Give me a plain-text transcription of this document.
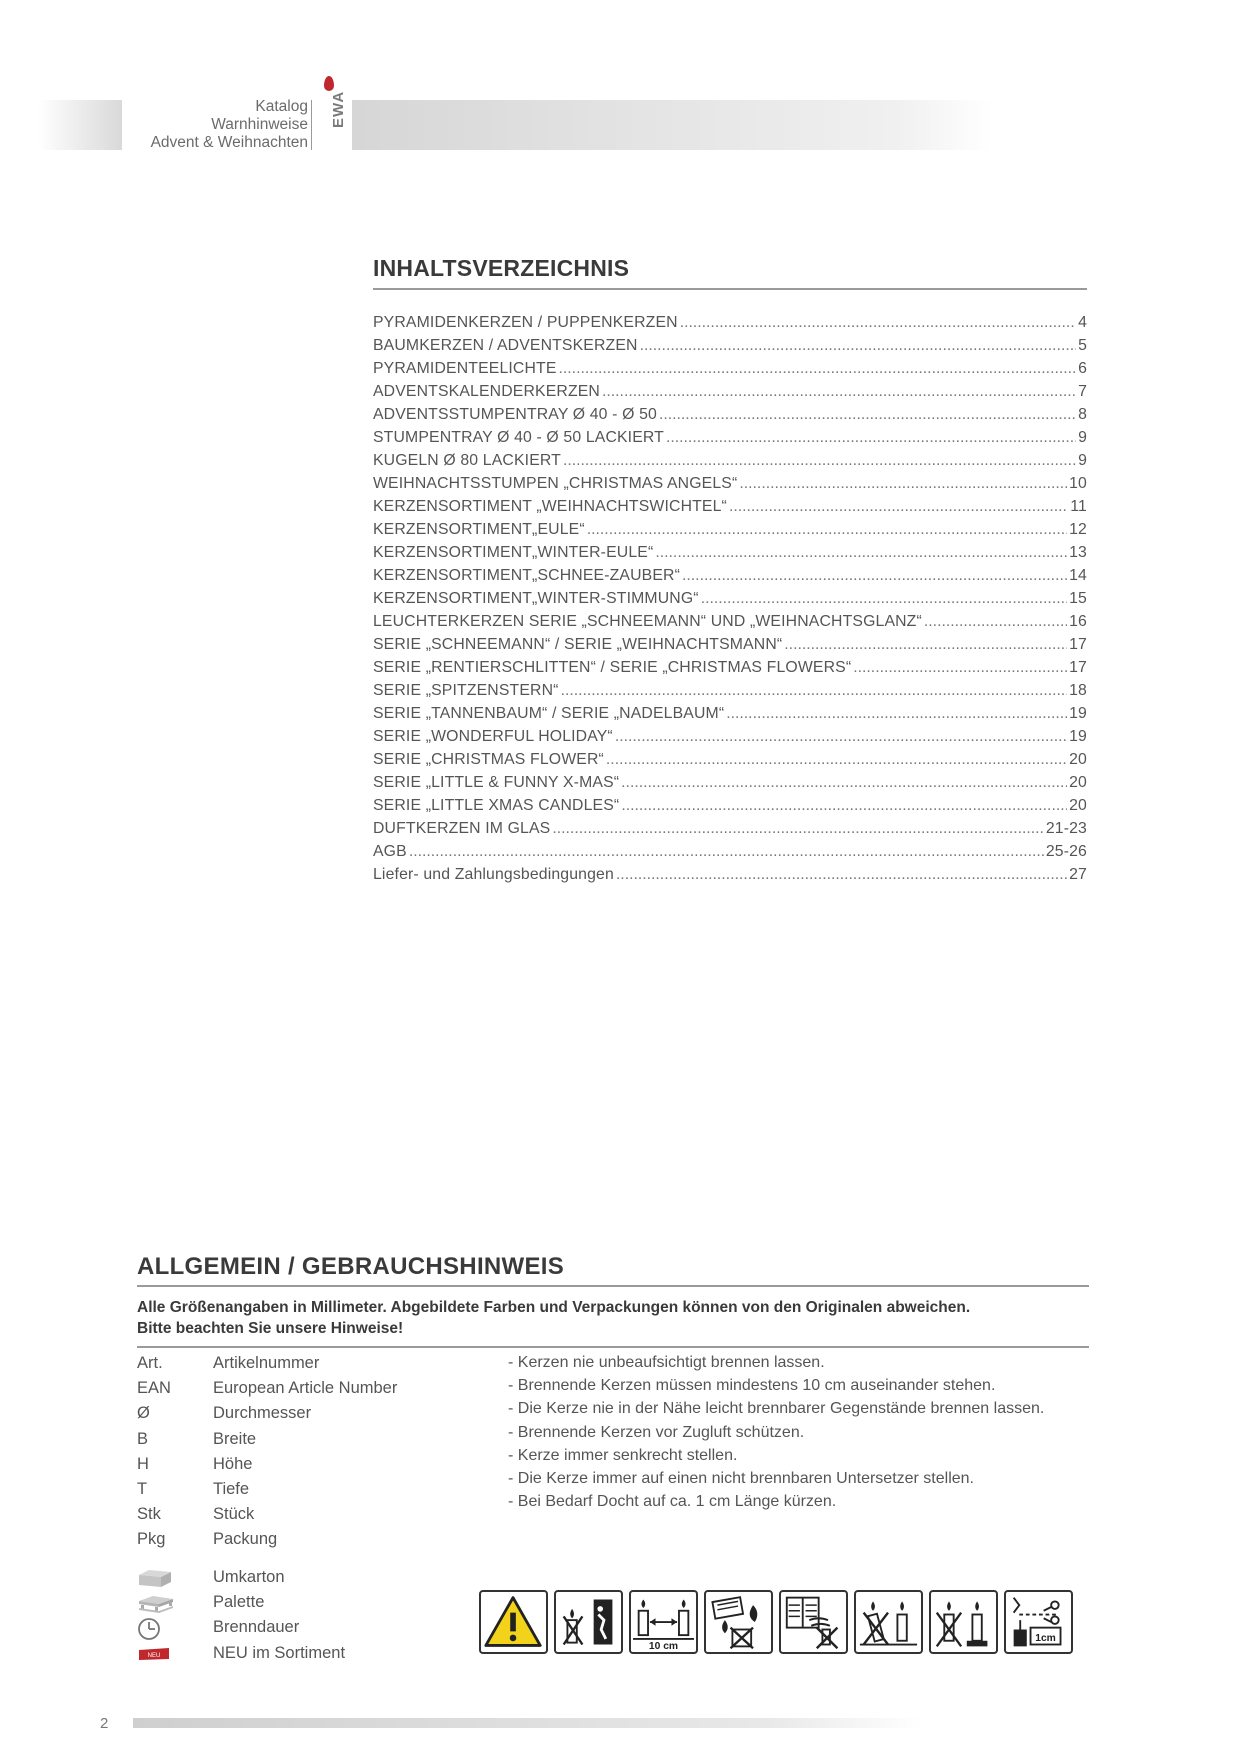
Katalog
Warnhinweise
Advent & Weihnachten
EWA
INHALTSVERZEICHNIS
PYRAMIDENKERZEN / PUPPENKERZEN .....	4
BAUMKERZEN / ADVENTSKERZEN .....	5
PYRAMIDENTEELICHTE .....	6
ADVENTSKALENDERKERZEN .....	7
ADVENTSSTUMPENTRAY Ø 40 - Ø 50 .....	8
STUMPENTRAY Ø 40 - Ø 50 LACKIERT .....	9
KUGELN Ø 80 LACKIERT .....	9
WEIHNACHTSSTUMPEN „CHRISTMAS ANGELS“ .....	10
KERZENSORTIMENT „WEIHNACHTSWICHTEL“ .....	11
KERZENSORTIMENT„EULE“ .....	12
KERZENSORTIMENT„WINTER-EULE“ .....	13
KERZENSORTIMENT„SCHNEE-ZAUBER“ .....	14
KERZENSORTIMENT„WINTER-STIMMUNG“ .....	15
LEUCHTERKERZEN SERIE „SCHNEEMANN“ UND „WEIHNACHTSGLANZ“ .....	16
SERIE „SCHNEEMANN“ / SERIE „WEIHNACHTSMANN“ .....	17
SERIE „RENTIERSCHLITTEN“ / SERIE „CHRISTMAS FLOWERS“ .....	17
SERIE „SPITZENSTERN“ .....	18
SERIE „TANNENBAUM“ / SERIE „NADELBAUM“ .....	19
SERIE „WONDERFUL HOLIDAY“ .....	19
SERIE „CHRISTMAS FLOWER“ .....	20
SERIE „LITTLE & FUNNY X-MAS“ .....	20
SERIE „LITTLE XMAS CANDLES“ .....	20
DUFTKERZEN IM GLAS .....	21-23
AGB .....	25-26
Liefer- und Zahlungsbedingungen .....	27
ALLGEMEIN / GEBRAUCHSHINWEIS
Alle Größenangaben in Millimeter. Abgebildete Farben und Verpackungen können von den Originalen abweichen.
Bitte beachten Sie unsere Hinweise!
Art.	Artikelnummer
EAN	European Article Number
Ø	Durchmesser
B	Breite
H	Höhe
T	Tiefe
Stk	Stück
Pkg	Packung
Umkarton
Palette
Brenndauer
NEU	NEU im Sortiment
- Kerzen nie unbeaufsichtigt brennen lassen.
- Brennende Kerzen müssen mindestens 10 cm auseinander stehen.
- Die Kerze nie in der Nähe leicht brennbarer Gegenstände brennen lassen.
- Brennende Kerzen vor Zugluft schützen.
- Kerze immer senkrecht stellen.
- Die Kerze immer auf einen nicht brennbaren Untersetzer stellen.
- Bei Bedarf Docht auf ca. 1 cm Länge kürzen.
10 cm
1cm
2
